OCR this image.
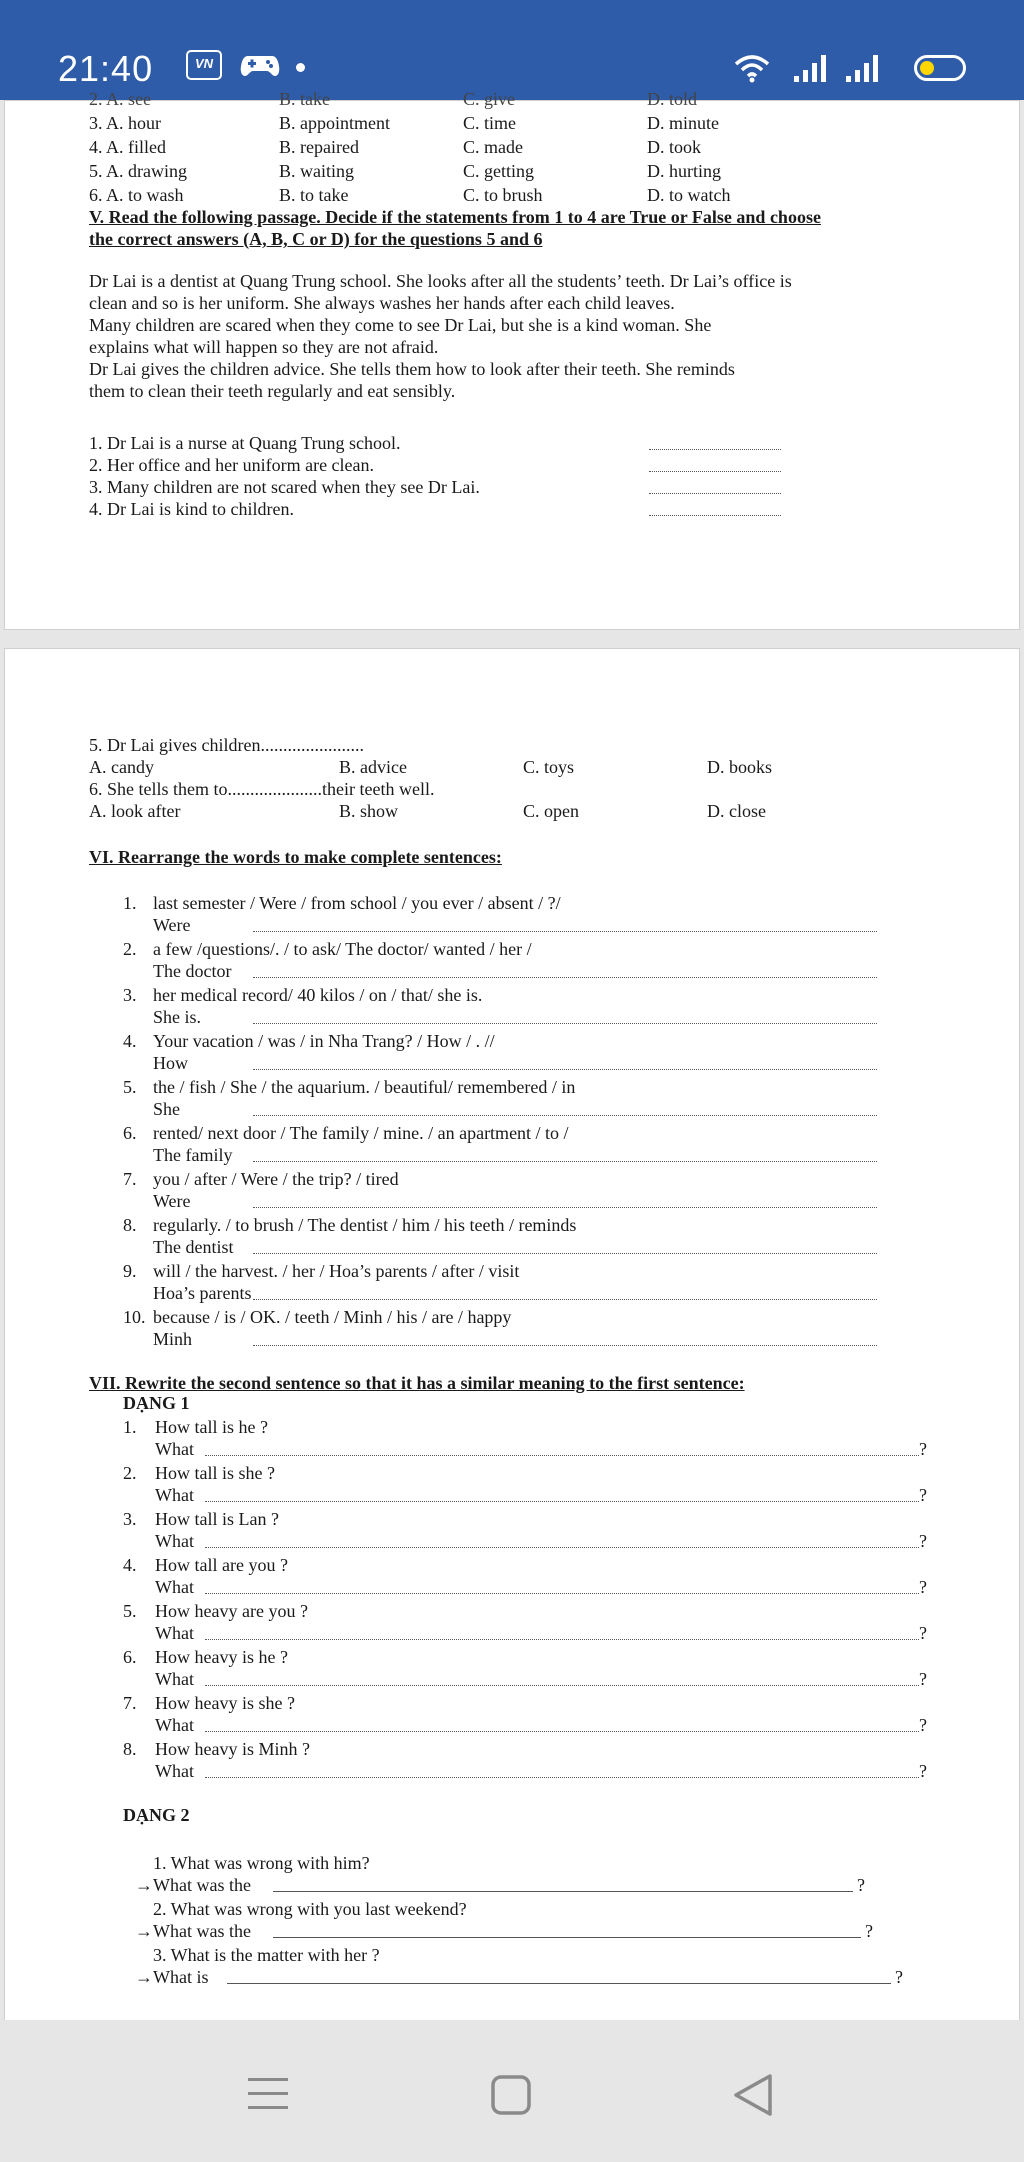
21:40	VN
2. A. see	B. take	C. give	D. told
3. A. hour	B. appointment	C. time	D. minute
4. A. filled	B. repaired	C. made	D. took
5. A. drawing	B. waiting	C. getting	D. hurting
6. A. to wash	B. to take	C. to brush	D. to watch
V. Read the following passage. Decide if the statements from 1 to 4 are True or False and choose
the correct answers (A, B, C or D) for the questions 5 and 6
Dr Lai is a dentist at Quang Trung school. She looks after all the students’ teeth. Dr Lai’s office is
clean and so is her uniform. She always washes her hands after each child leaves.
Many children are scared when they come to see Dr Lai, but she is a kind woman. She
explains what will happen so they are not afraid.
Dr Lai gives the children advice. She tells them how to look after their teeth. She reminds
them to clean their teeth regularly and eat sensibly.
1. Dr Lai is a nurse at Quang Trung school.
2. Her office and her uniform are clean.
3. Many children are not scared when they see Dr Lai.
4. Dr Lai is kind to children.
5. Dr Lai gives children.......................
A. candy	B. advice	C. toys	D. books
6. She tells them to.....................their teeth well.
A. look after	B. show	C. open	D. close
VI. Rearrange the words to make complete sentences:
1. last semester / Were / from school / you ever / absent / ?/
Were
2. a few /questions/. / to ask/ The doctor/ wanted / her /
The doctor
3. her medical record/ 40 kilos / on / that/ she is.
She is.
4. Your vacation / was / in Nha Trang? / How / . //
How
5. the / fish / She / the aquarium. / beautiful/ remembered / in
She
6. rented/ next door / The family / mine. / an apartment / to /
The family
7. you / after / Were / the trip? / tired
Were
8. regularly. / to brush / The dentist / him / his teeth / reminds
The dentist
9. will / the harvest. / her / Hoa’s parents / after / visit
Hoa’s parents
10. because / is / OK. / teeth / Minh / his / are / happy
Minh
VII. Rewrite the second sentence so that it has a similar meaning to the first sentence:
DẠNG 1
1. How tall is he ?
What	?
2. How tall is she ?
What	?
3. How tall is Lan ?
What	?
4. How tall are you ?
What	?
5. How heavy are you ?
What	?
6. How heavy is he ?
What	?
7. How heavy is she ?
What	?
8. How heavy is Minh ?
What	?
DẠNG 2
1. What was wrong with him?
→What was the	?
2. What was wrong with you last weekend?
→What was the	?
3. What is the matter with her ?
→What is	?
